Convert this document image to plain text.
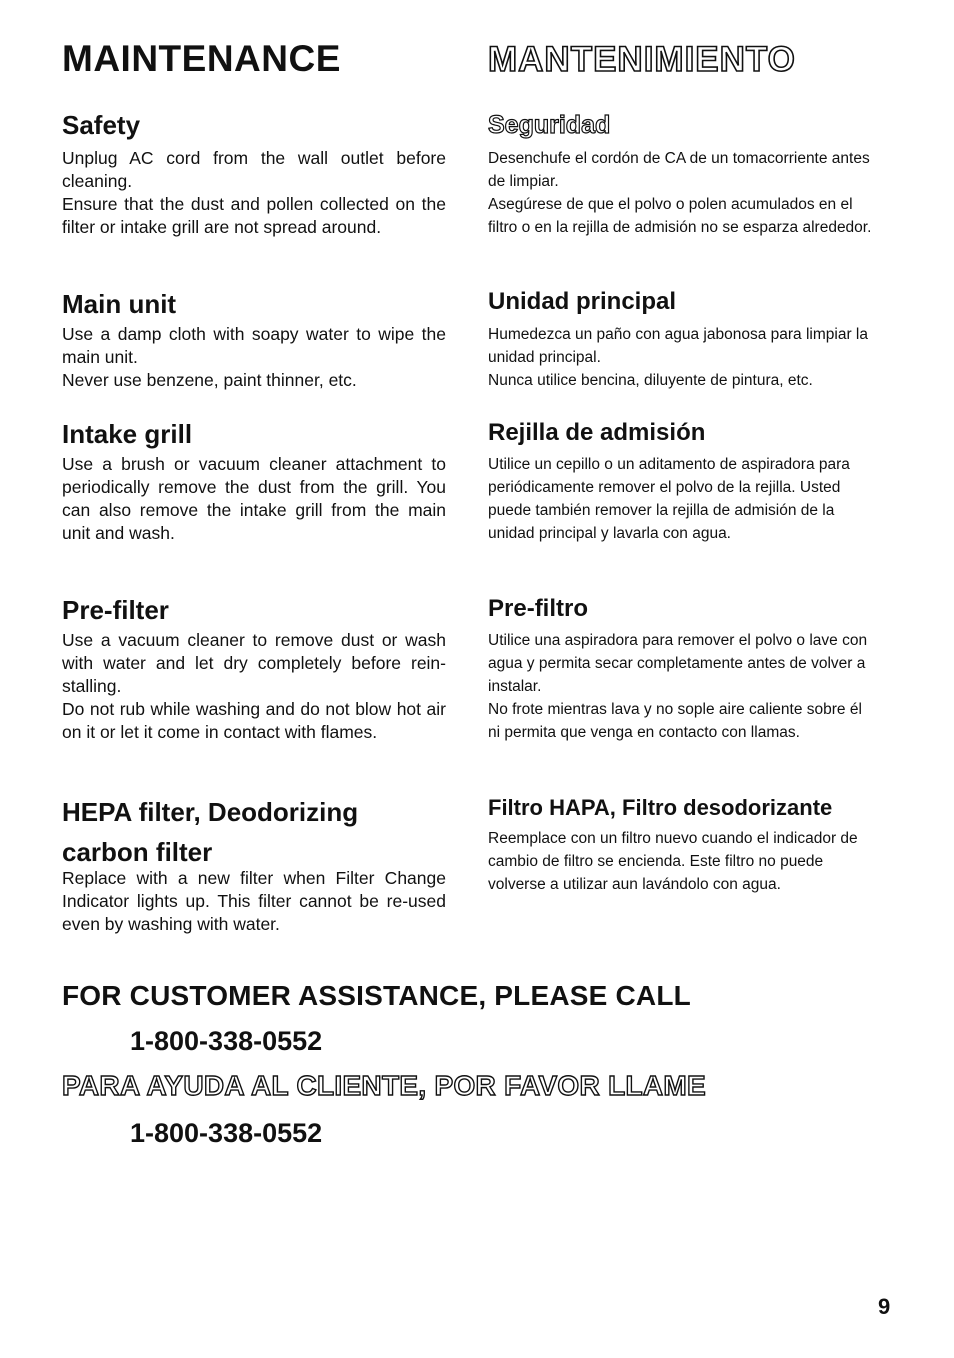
MAINTENANCE
Safety

Unplug AC cord from the wall outlet before cleaning.
Ensure that the dust and pollen collected on the filter or intake grill are not spread around.

Main unit

Use a damp cloth with soapy water to wipe the main unit.
Never use benzene, paint thinner, etc.

Intake grill

Use a brush or vacuum cleaner attachment to periodically remove the dust from the grill. You can also remove the intake grill from the main unit and wash.

Pre-filter

Use a vacuum cleaner to remove dust or wash with water and let dry completely before rein-stalling.
Do not rub while washing and do not blow hot air on it or let it come in contact with flames.

HEPA filter, Deodorizing carbon filter

Replace with a new filter when Filter Change Indicator lights up. This filter cannot be re-used even by washing with water.

MANTENIMIENTO
Seguridad

Desenchufe el cordón de CA de un tomacorriente antes de limpiar.
Asegúrese de que el polvo o polen acumulados en el filtro o en la rejilla de admisión no se esparza alrededor.

Unidad principal

Humedezca un paño con agua jabonosa para limpiar la unidad principal.
Nunca utilice bencina, diluyente de pintura, etc.

Rejilla de admisión

Utilice un cepillo o un aditamento de aspiradora para periódicamente remover el polvo de la rejilla. Usted puede también remover la rejilla de admisión de la unidad principal y lavarla con agua.

Pre-filtro

Utilice una aspiradora para remover el polvo o lave con agua y permita secar completamente antes de volver a instalar.
No frote mientras lava y no sople aire caliente sobre él ni permita que venga en contacto con llamas.

Filtro HAPA, Filtro desodorizante

Reemplace con un filtro nuevo cuando el indicador de cambio de filtro se encienda. Este filtro no puede volverse a utilizar aun lavándolo con agua.

FOR CUSTOMER ASSISTANCE, PLEASE CALL
1-800-338-0552
PARA AYUDA AL CLIENTE, POR FAVOR LLAME
1-800-338-0552
9
